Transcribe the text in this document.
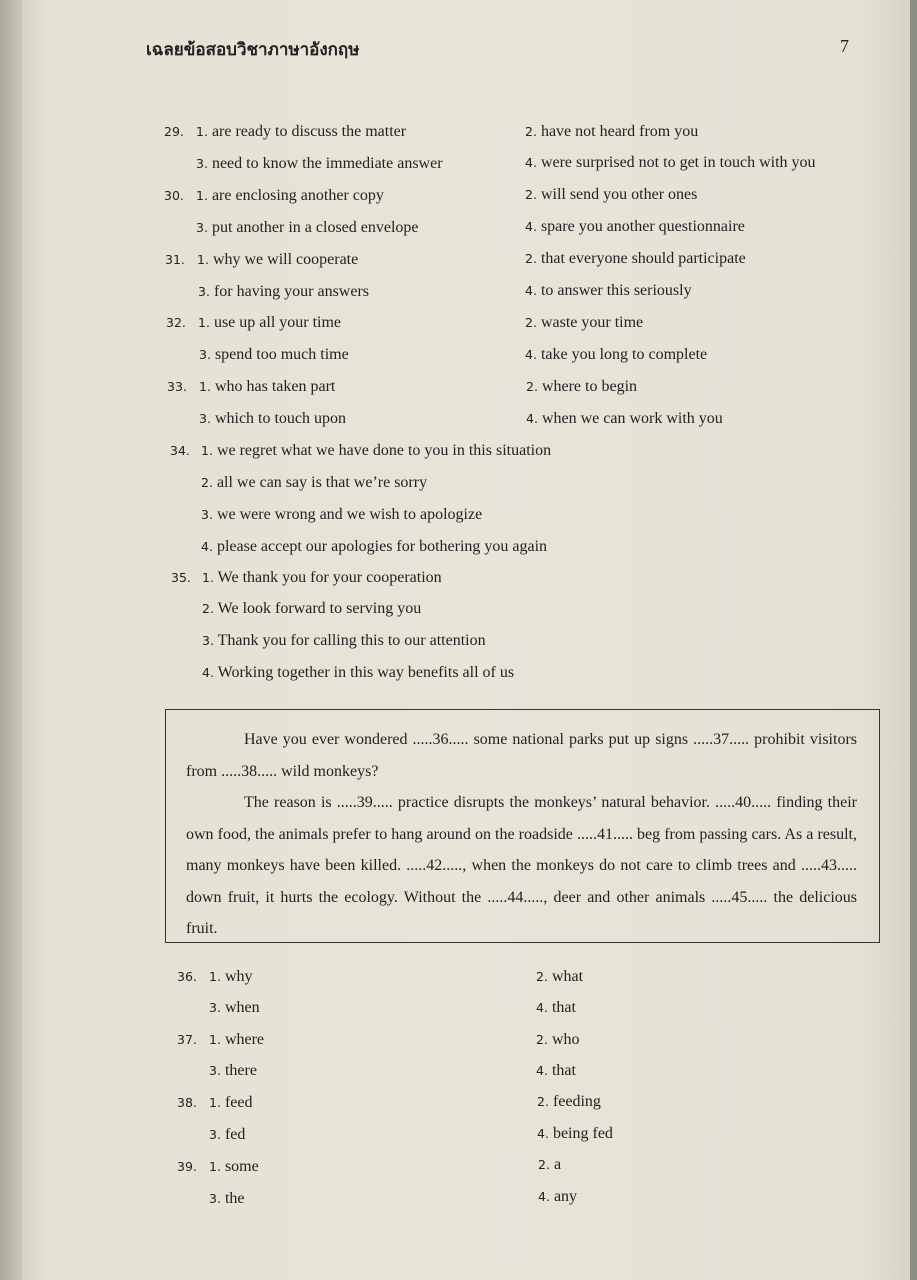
เฉลยข้อสอบวิชาภาษาอังกฤษ	7
29. 1. are ready to discuss the matter	2. have not heard from you
3. need to know the immediate answer	4. were surprised not to get in touch with you
30. 1. are enclosing another copy	2. will send you other ones
3. put another in a closed envelope	4. spare you another questionnaire
31. 1. why we will cooperate	2. that everyone should participate
3. for having your answers	4. to answer this seriously
32. 1. use up all your time	2. waste your time
3. spend too much time	4. take you long to complete
33. 1. who has taken part	2. where to begin
3. which to touch upon	4. when we can work with you
34. 1. we regret what we have done to you in this situation
2. all we can say is that we’re sorry
3. we were wrong and we wish to apologize
4. please accept our apologies for bothering you again
35. 1. We thank you for your cooperation
2. We look forward to serving you
3. Thank you for calling this to our attention
4. Working together in this way benefits all of us

Have you ever wondered .....36..... some national parks put up signs .....37..... prohibit visitors from .....38..... wild monkeys?

The reason is .....39..... practice disrupts the monkeys’ natural behavior. .....40..... finding their own food, the animals prefer to hang around on the roadside .....41..... beg from passing cars. As a result, many monkeys have been killed. .....42....., when the monkeys do not care to climb trees and .....43..... down fruit, it hurts the ecology. Without the .....44....., deer and other animals .....45..... the delicious fruit.

36. 1. why	2. what
3. when	4. that
37. 1. where	2. who
3. there	4. that
38. 1. feed	2. feeding
3. fed	4. being fed
39. 1. some	2. a
3. the	4. any
